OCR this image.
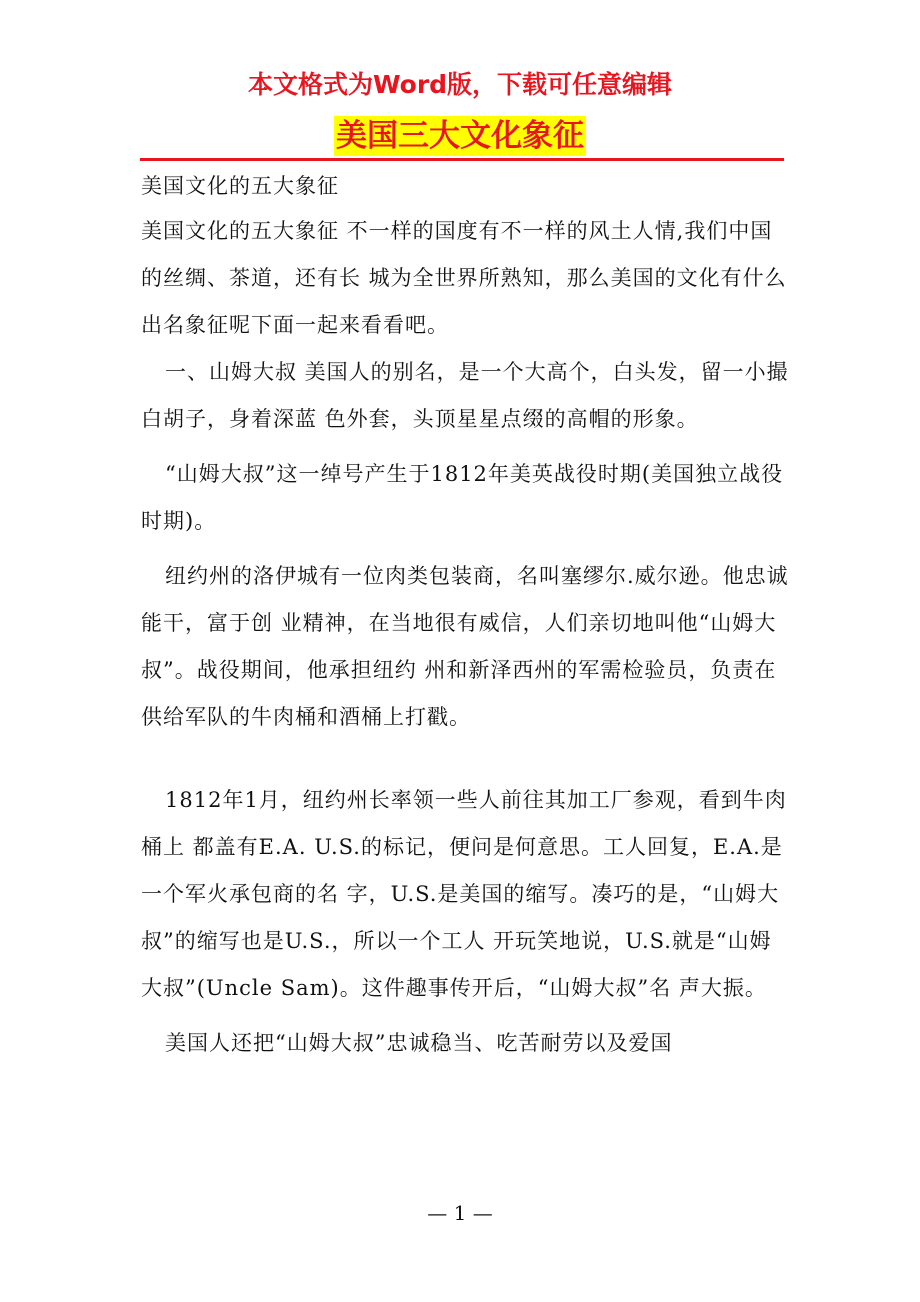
本文格式为Word版，下载可任意编辑
美国三大文化象征

美国文化的五大象征

美国文化的五大象征 不一样的国度有不一样的风土人情,我们中国的丝绸、茶道，还有长 城为全世界所熟知，那么美国的文化有什么出名象征呢下面一起来看看吧。

一、山姆大叔 美国人的别名，是一个大高个，白头发，留一小撮白胡子，身着深蓝 色外套，头顶星星点缀的高帽的形象。

“山姆大叔”这一绰号产生于1812年美英战役时期(美国独立战役时期)。

纽约州的洛伊城有一位肉类包装商，名叫塞缪尔.威尔逊。他忠诚能干，富于创 业精神，在当地很有威信，人们亲切地叫他“山姆大叔”。战役期间，他承担纽约 州和新泽西州的军需检验员，负责在供给军队的牛肉桶和酒桶上打戳。

1812年1月，纽约州长率领一些人前往其加工厂参观，看到牛肉桶上 都盖有E.A. U.S.的标记，便问是何意思。工人回复，E.A.是一个军火承包商的名 字，U.S.是美国的缩写。凑巧的是，“山姆大叔”的缩写也是U.S.，所以一个工人 开玩笑地说，U.S.就是“山姆大叔”(Uncle Sam)。这件趣事传开后，“山姆大叔”名 声大振。

美国人还把“山姆大叔”忠诚稳当、吃苦耐劳以及爱国

— 1 —
